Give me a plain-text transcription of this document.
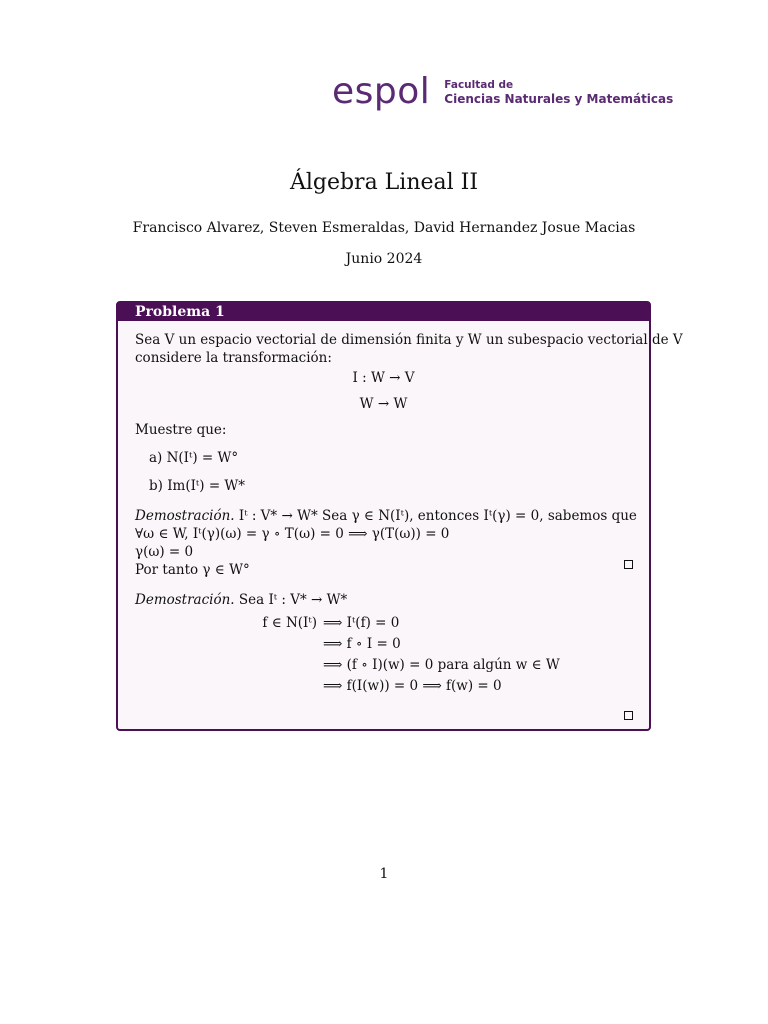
espol Facultad de
Ciencias Naturales y Matemáticas
Álgebra Lineal II
Francisco Alvarez, Steven Esmeraldas, David Hernandez Josue Macias
Junio 2024
Problema 1
Sea V un espacio vectorial de dimensión finita y W un subespacio vectorial de V
considere la transformación:
I : W → V
W → W
Muestre que:
a) N(Iᵗ) = W°
b) Im(Iᵗ) = W*
Demostración. Iᵗ : V* → W* Sea γ ∈ N(Iᵗ), entonces Iᵗ(γ) = 0, sabemos que
∀ω ∈ W, Iᵗ(γ)(ω) = γ ∘ T(ω) = 0 ⟹ γ(T(ω)) = 0
γ(ω) = 0
Por tanto γ ∈ W°
Demostración. Sea Iᵗ : V* → W*
f ∈ N(Iᵗ) ⟹ Iᵗ(f) = 0
⟹ f ∘ I = 0
⟹ (f ∘ I)(w) = 0 para algún w ∈ W
⟹ f(I(w)) = 0 ⟹ f(w) = 0
1
